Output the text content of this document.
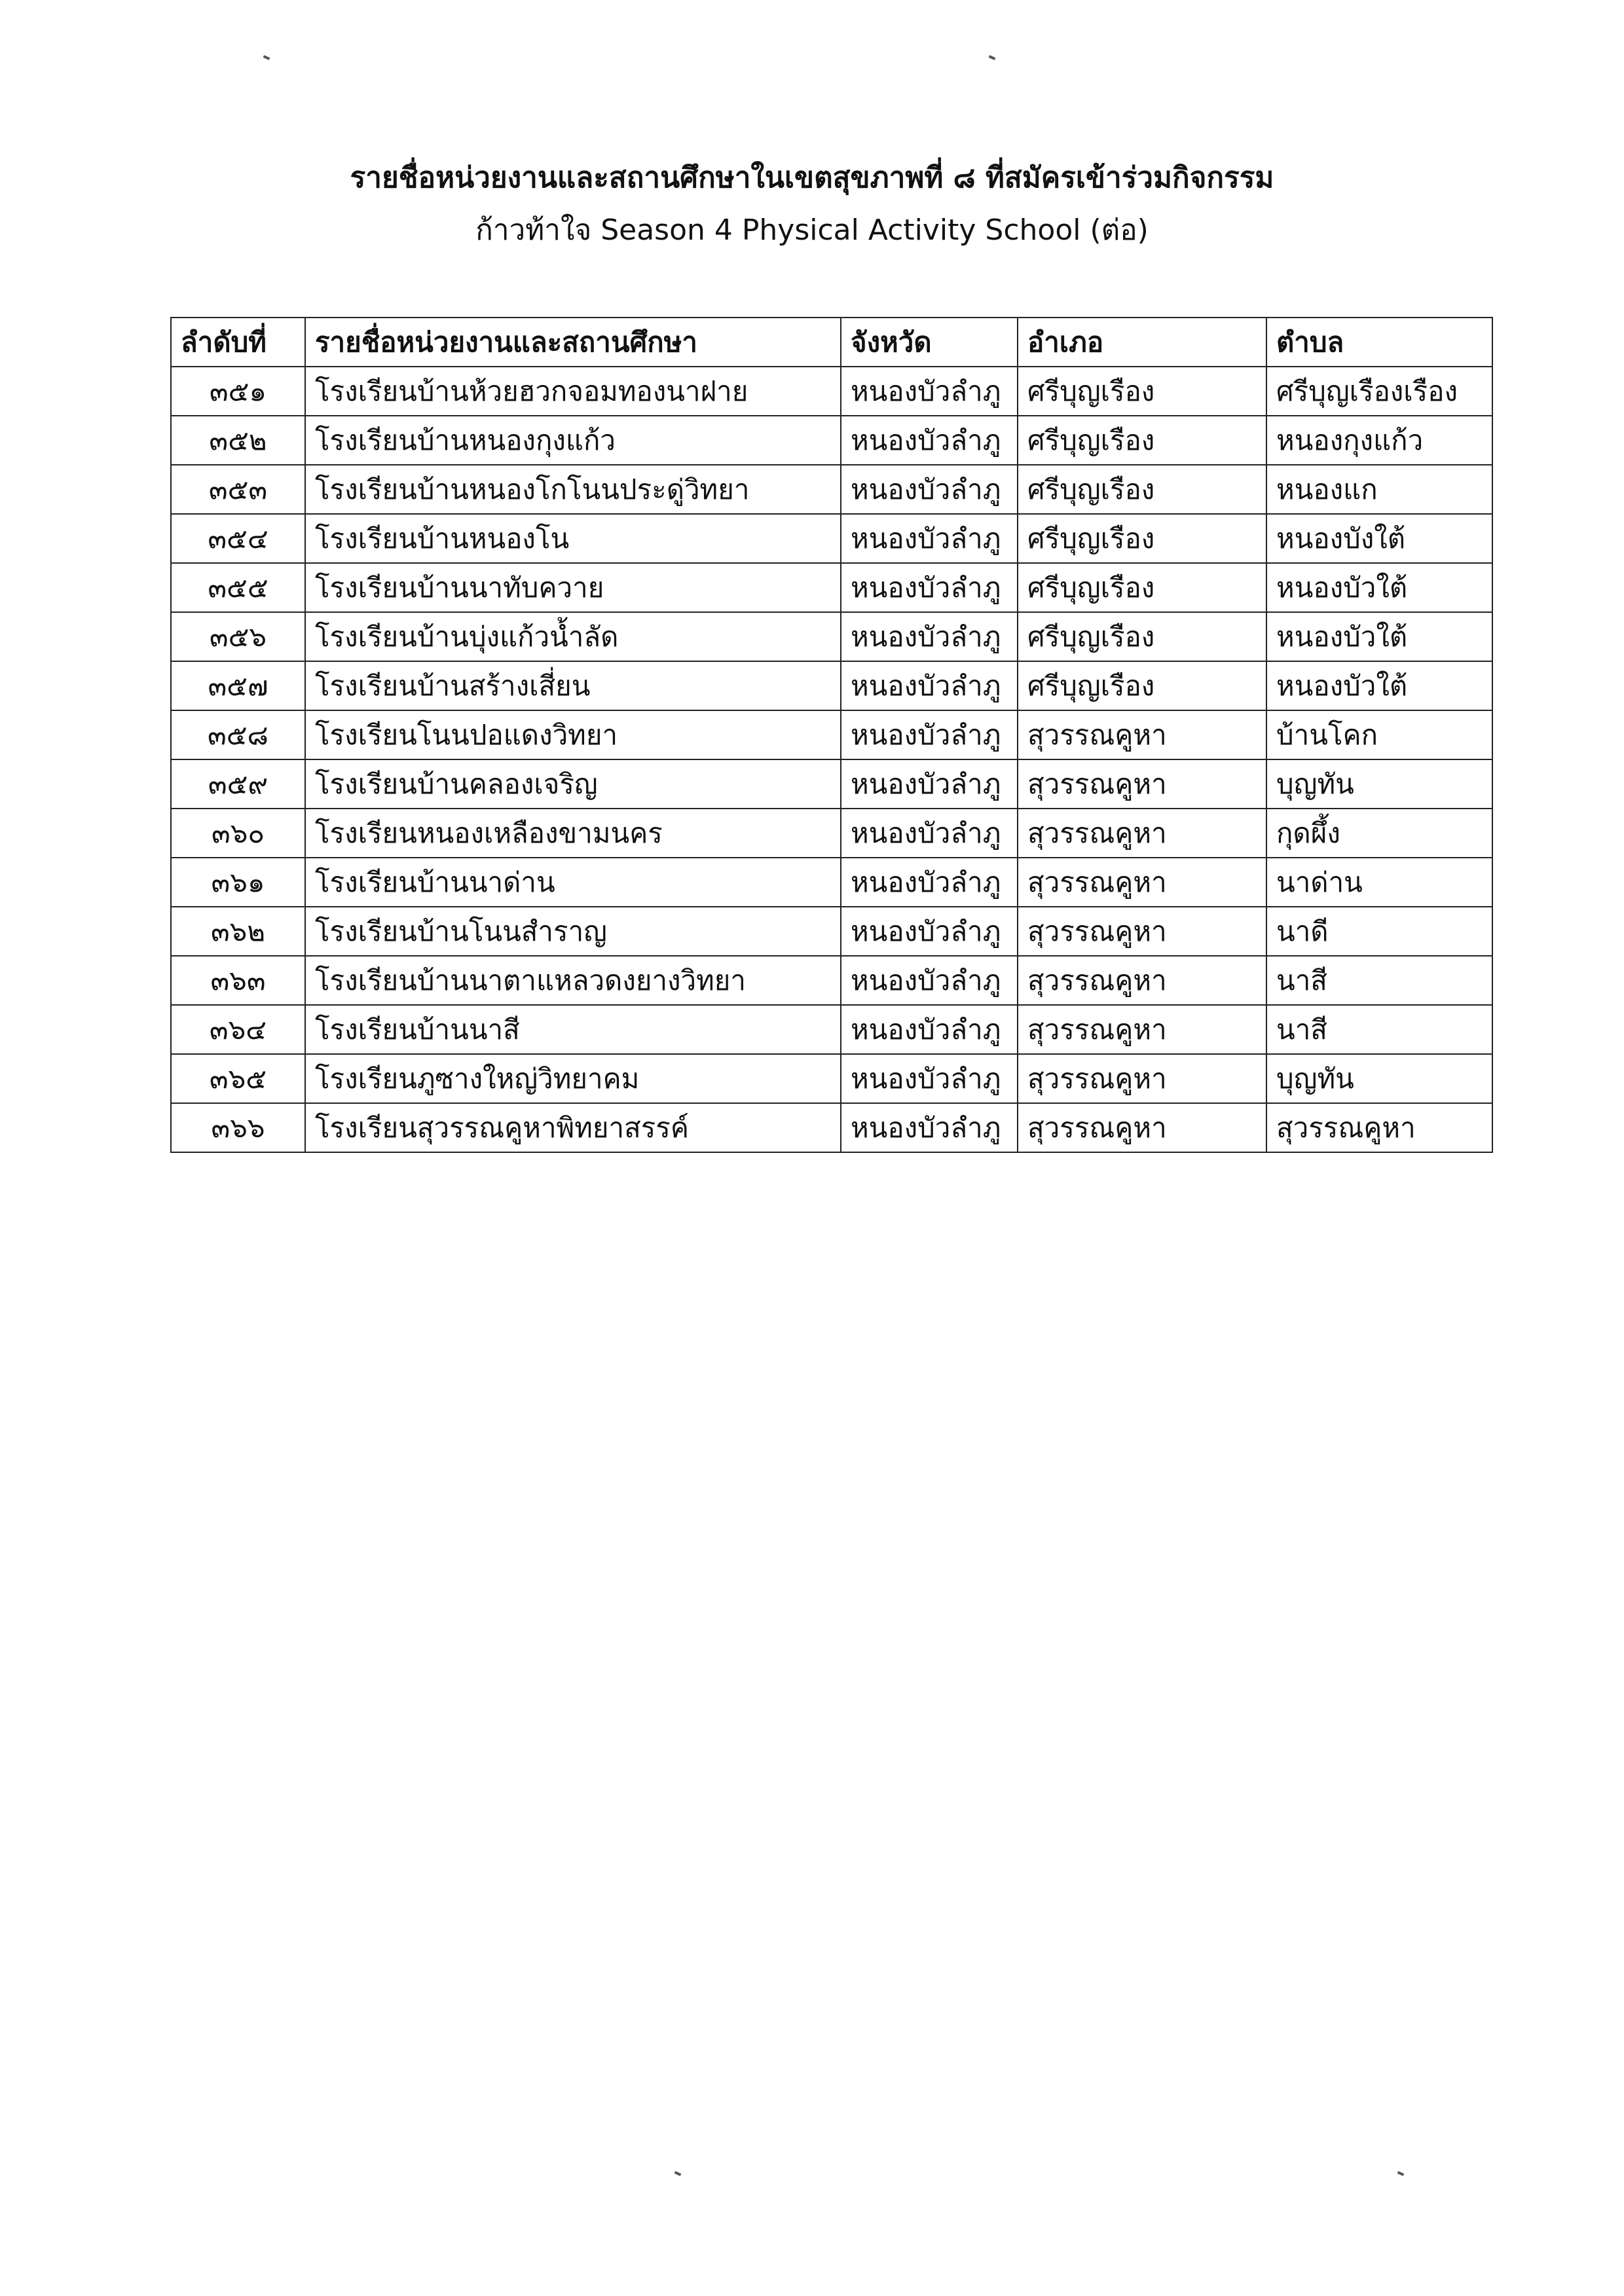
รายชื่อหน่วยงานและสถานศึกษาในเขตสุขภาพที่ ๘ ที่สมัครเข้าร่วมกิจกรรม
ก้าวท้าใจ Season 4 Physical Activity School (ต่อ)
ลำดับที่	รายชื่อหน่วยงานและสถานศึกษา	จังหวัด	อำเภอ	ตำบล
๓๕๑	โรงเรียนบ้านห้วยฮวกจอมทองนาฝาย	หนองบัวลำภู	ศรีบุญเรือง	ศรีบุญเรืองเรือง
๓๕๒	โรงเรียนบ้านหนองกุงแก้ว	หนองบัวลำภู	ศรีบุญเรือง	หนองกุงแก้ว
๓๕๓	โรงเรียนบ้านหนองโกโนนประดู่วิทยา	หนองบัวลำภู	ศรีบุญเรือง	หนองแก
๓๕๔	โรงเรียนบ้านหนองโน	หนองบัวลำภู	ศรีบุญเรือง	หนองบังใต้
๓๕๕	โรงเรียนบ้านนาทับควาย	หนองบัวลำภู	ศรีบุญเรือง	หนองบัวใต้
๓๕๖	โรงเรียนบ้านบุ่งแก้วน้ำลัด	หนองบัวลำภู	ศรีบุญเรือง	หนองบัวใต้
๓๕๗	โรงเรียนบ้านสร้างเสี่ยน	หนองบัวลำภู	ศรีบุญเรือง	หนองบัวใต้
๓๕๘	โรงเรียนโนนปอแดงวิทยา	หนองบัวลำภู	สุวรรณคูหา	บ้านโคก
๓๕๙	โรงเรียนบ้านคลองเจริญ	หนองบัวลำภู	สุวรรณคูหา	บุญทัน
๓๖๐	โรงเรียนหนองเหลืองขามนคร	หนองบัวลำภู	สุวรรณคูหา	กุดผึ้ง
๓๖๑	โรงเรียนบ้านนาด่าน	หนองบัวลำภู	สุวรรณคูหา	นาด่าน
๓๖๒	โรงเรียนบ้านโนนสำราญ	หนองบัวลำภู	สุวรรณคูหา	นาดี
๓๖๓	โรงเรียนบ้านนาตาแหลวดงยางวิทยา	หนองบัวลำภู	สุวรรณคูหา	นาสี
๓๖๔	โรงเรียนบ้านนาสี	หนองบัวลำภู	สุวรรณคูหา	นาสี
๓๖๕	โรงเรียนภูซางใหญ่วิทยาคม	หนองบัวลำภู	สุวรรณคูหา	บุญทัน
๓๖๖	โรงเรียนสุวรรณคูหาพิทยาสรรค์	หนองบัวลำภู	สุวรรณคูหา	สุวรรณคูหา
